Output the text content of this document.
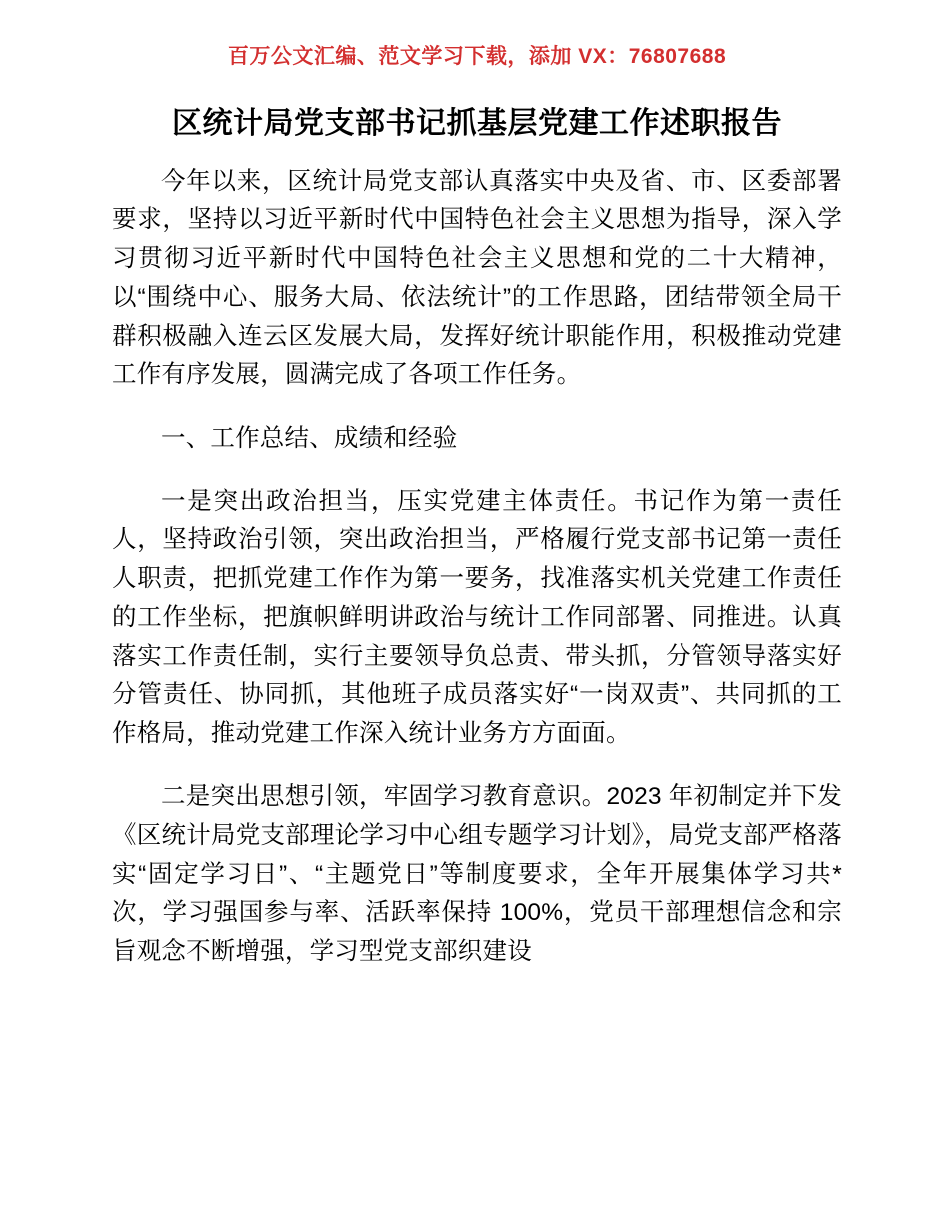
百万公文汇编、范文学习下载，添加 VX：76807688
区统计局党支部书记抓基层党建工作述职报告

今年以来，区统计局党支部认真落实中央及省、市、区委部署要求，坚持以习近平新时代中国特色社会主义思想为指导，深入学习贯彻习近平新时代中国特色社会主义思想和党的二十大精神，以“围绕中心、服务大局、依法统计”的工作思路，团结带领全局干群积极融入连云区发展大局，发挥好统计职能作用，积极推动党建工作有序发展，圆满完成了各项工作任务。

一、工作总结、成绩和经验

一是突出政治担当，压实党建主体责任。书记作为第一责任人，坚持政治引领，突出政治担当，严格履行党支部书记第一责任人职责，把抓党建工作作为第一要务，找准落实机关党建工作责任的工作坐标，把旗帜鲜明讲政治与统计工作同部署、同推进。认真落实工作责任制，实行主要领导负总责、带头抓，分管领导落实好分管责任、协同抓，其他班子成员落实好“一岗双责”、共同抓的工作格局，推动党建工作深入统计业务方方面面。

二是突出思想引领，牢固学习教育意识。2023 年初制定并下发《区统计局党支部理论学习中心组专题学习计划》，局党支部严格落实“固定学习日”、“主题党日”等制度要求，全年开展集体学习共*次，学习强国参与率、活跃率保持 100%，党员干部理想信念和宗旨观念不断增强，学习型党支部织建设
